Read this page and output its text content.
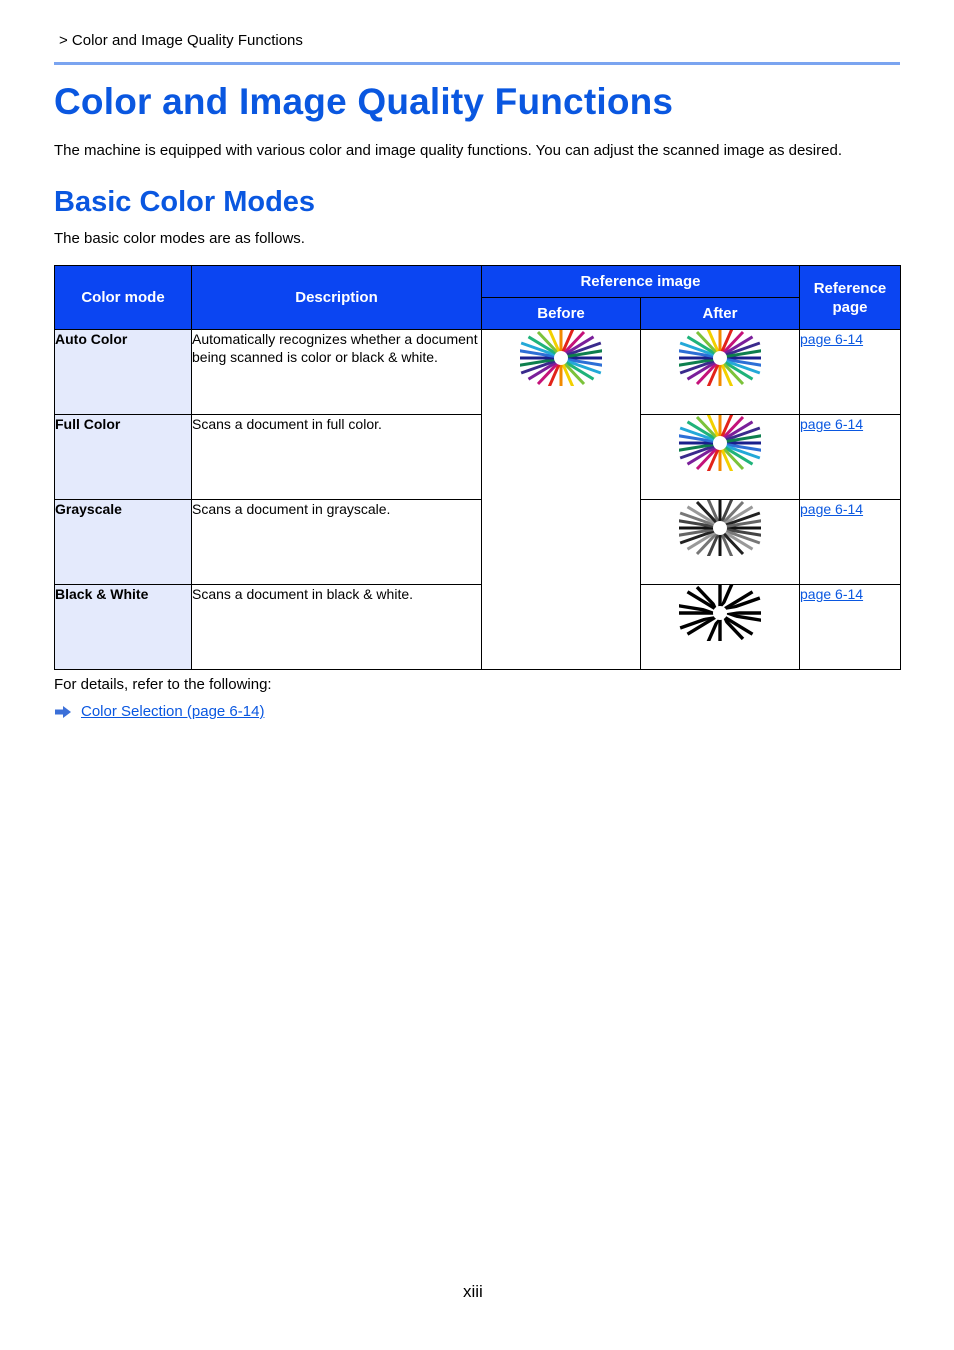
> Color and Image Quality Functions
Color and Image Quality Functions

The machine is equipped with various color and image quality functions. You can adjust the scanned image as desired.

Basic Color Modes

The basic color modes are as follows.

Color mode	Description	Reference image		Reference page
		Before	After	
Auto Color	Automatically recognizes whether a document being scanned is color or black & white.			page 6-14
Full Color	Scans a document in full color.			page 6-14
Grayscale	Scans a document in grayscale.			page 6-14
Black & White	Scans a document in black & white.			page 6-14

For details, refer to the following:

Color Selection (page 6-14)
xiii
